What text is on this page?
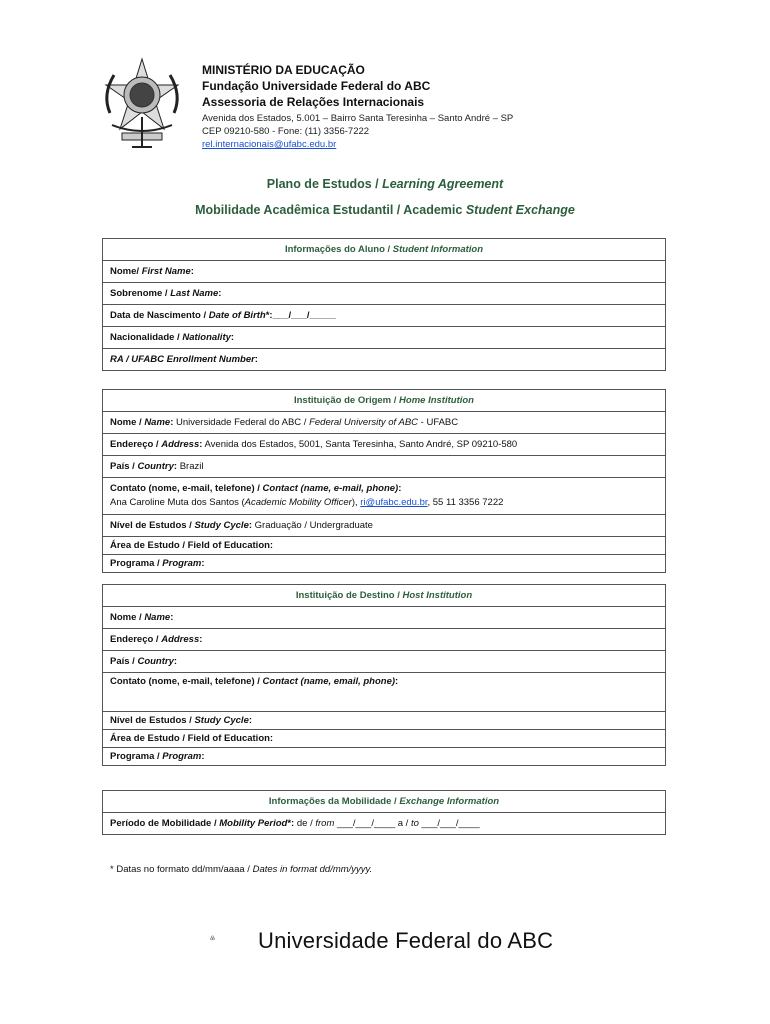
MINISTÉRIO DA EDUCAÇÃO
Fundação Universidade Federal do ABC
Assessoria de Relações Internacionais
Avenida dos Estados, 5.001 – Bairro Santa Teresinha – Santo André – SP
CEP 09210-580 - Fone: (11) 3356-7222
rel.internacionais@ufabc.edu.br
Plano de Estudos / Learning Agreement
Mobilidade Acadêmica Estudantil / Academic Student Exchange
Informações do Aluno / Student Information
Nome/ First Name:
Sobrenome / Last Name:
Data de Nascimento / Date of Birth*:___/___/_____
Nacionalidade / Nationality:
RA / UFABC Enrollment Number:
Instituição de Origem / Home Institution
Nome / Name: Universidade Federal do ABC / Federal University of ABC - UFABC
Endereço / Address: Avenida dos Estados, 5001, Santa Teresinha, Santo André, SP 09210-580
País / Country: Brazil
Contato (nome, e-mail, telefone) / Contact (name, e-mail, phone):
Ana Caroline Muta dos Santos (Academic Mobility Officer), ri@ufabc.edu.br, 55 11 3356 7222
Nível de Estudos / Study Cycle: Graduação / Undergraduate
Área de Estudo / Field of Education:
Programa / Program:
Instituição de Destino / Host Institution
Nome / Name:
Endereço / Address:
País / Country:
Contato (nome, e-mail, telefone) / Contact (name, email, phone):
Nível de Estudos / Study Cycle:
Área de Estudo / Field of Education:
Programa / Program:
Informações da Mobilidade / Exchange Information
Período de Mobilidade / Mobility Period*: de / from ___/___/____ a / to ___/___/____
* Datas no formato dd/mm/aaaa / Dates in format dd/mm/yyyy.
Universidade Federal do ABC
